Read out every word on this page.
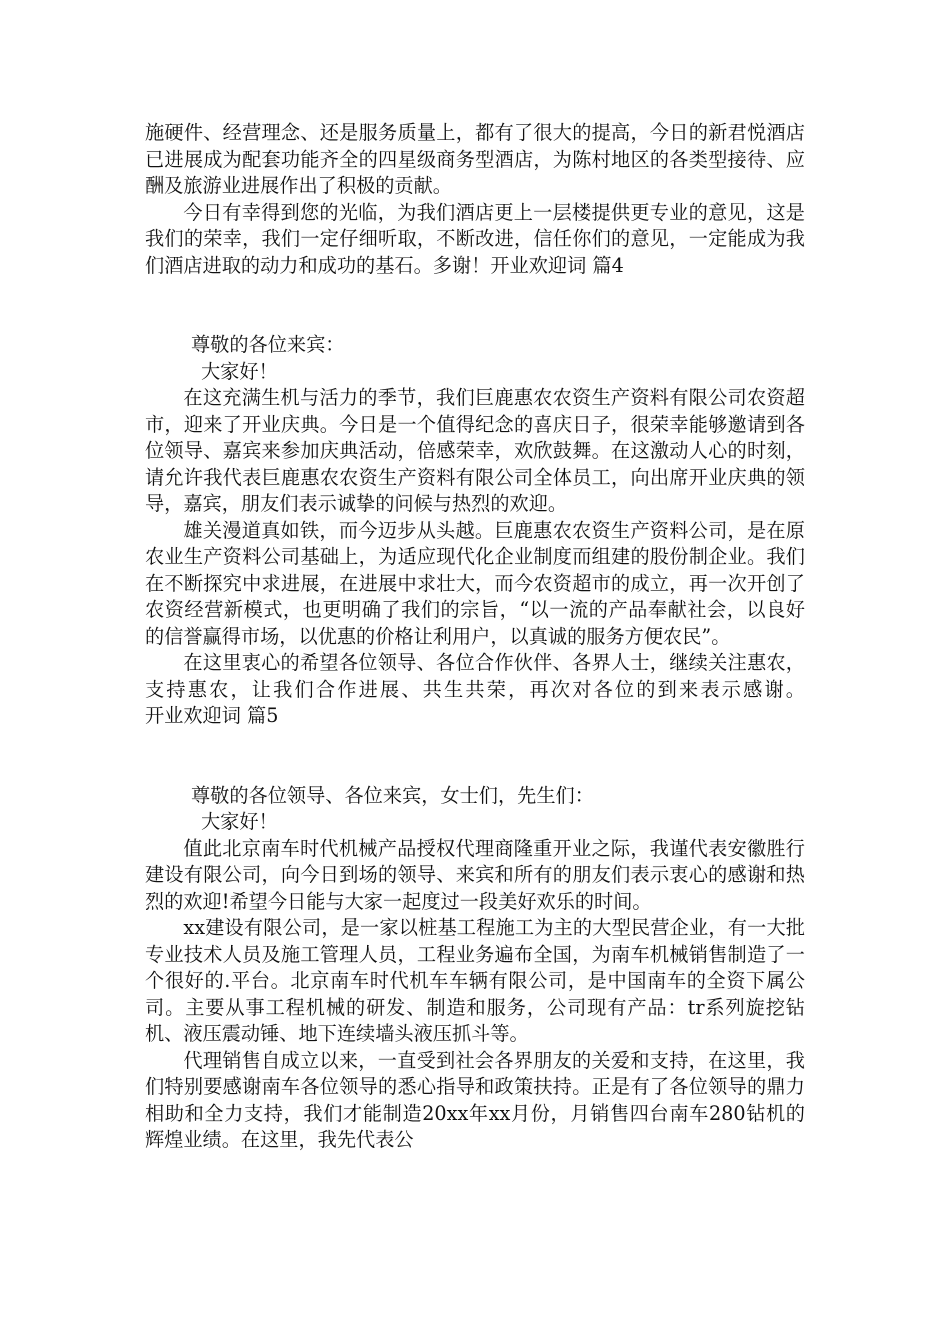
施硬件、经营理念、还是服务质量上，都有了很大的提高，今日的新君悦酒店已进展成为配套功能齐全的四星级商务型酒店，为陈村地区的各类型接待、应酬及旅游业进展作出了积极的贡献。

今日有幸得到您的光临，为我们酒店更上一层楼提供更专业的意见，这是我们的荣幸，我们一定仔细听取，不断改进，信任你们的意见，一定能成为我们酒店进取的动力和成功的基石。多谢！开业欢迎词 篇4

尊敬的各位来宾：

大家好！

在这充满生机与活力的季节，我们巨鹿惠农农资生产资料有限公司农资超市，迎来了开业庆典。今日是一个值得纪念的喜庆日子，很荣幸能够邀请到各位领导、嘉宾来参加庆典活动，倍感荣幸，欢欣鼓舞。在这激动人心的时刻，请允许我代表巨鹿惠农农资生产资料有限公司全体员工，向出席开业庆典的领导，嘉宾，朋友们表示诚挚的问候与热烈的欢迎。

雄关漫道真如铁，而今迈步从头越。巨鹿惠农农资生产资料公司，是在原农业生产资料公司基础上，为适应现代化企业制度而组建的股份制企业。我们在不断探究中求进展，在进展中求壮大，而今农资超市的成立，再一次开创了农资经营新模式，也更明确了我们的宗旨，“以一流的产品奉献社会，以良好的信誉赢得市场，以优惠的价格让利用户，以真诚的服务方便农民”。

在这里衷心的希望各位领导、各位合作伙伴、各界人士，继续关注惠农，支持惠农，让我们合作进展、共生共荣，再次对各位的到来表示感谢。开业欢迎词 篇5

尊敬的各位领导、各位来宾，女士们，先生们：

大家好！

值此北京南车时代机械产品授权代理商隆重开业之际，我谨代表安徽胜行建设有限公司，向今日到场的领导、来宾和所有的朋友们表示衷心的感谢和热烈的欢迎!希望今日能与大家一起度过一段美好欢乐的时间。

xx建设有限公司，是一家以桩基工程施工为主的大型民营企业，有一大批专业技术人员及施工管理人员，工程业务遍布全国，为南车机械销售制造了一个很好的.平台。北京南车时代机车车辆有限公司，是中国南车的全资下属公司。主要从事工程机械的研发、制造和服务，公司现有产品：tr系列旋挖钻机、液压震动锤、地下连续墙头液压抓斗等。

代理销售自成立以来，一直受到社会各界朋友的关爱和支持，在这里，我们特别要感谢南车各位领导的悉心指导和政策扶持。正是有了各位领导的鼎力相助和全力支持，我们才能制造20xx年xx月份，月销售四台南车280钻机的辉煌业绩。在这里，我先代表公
